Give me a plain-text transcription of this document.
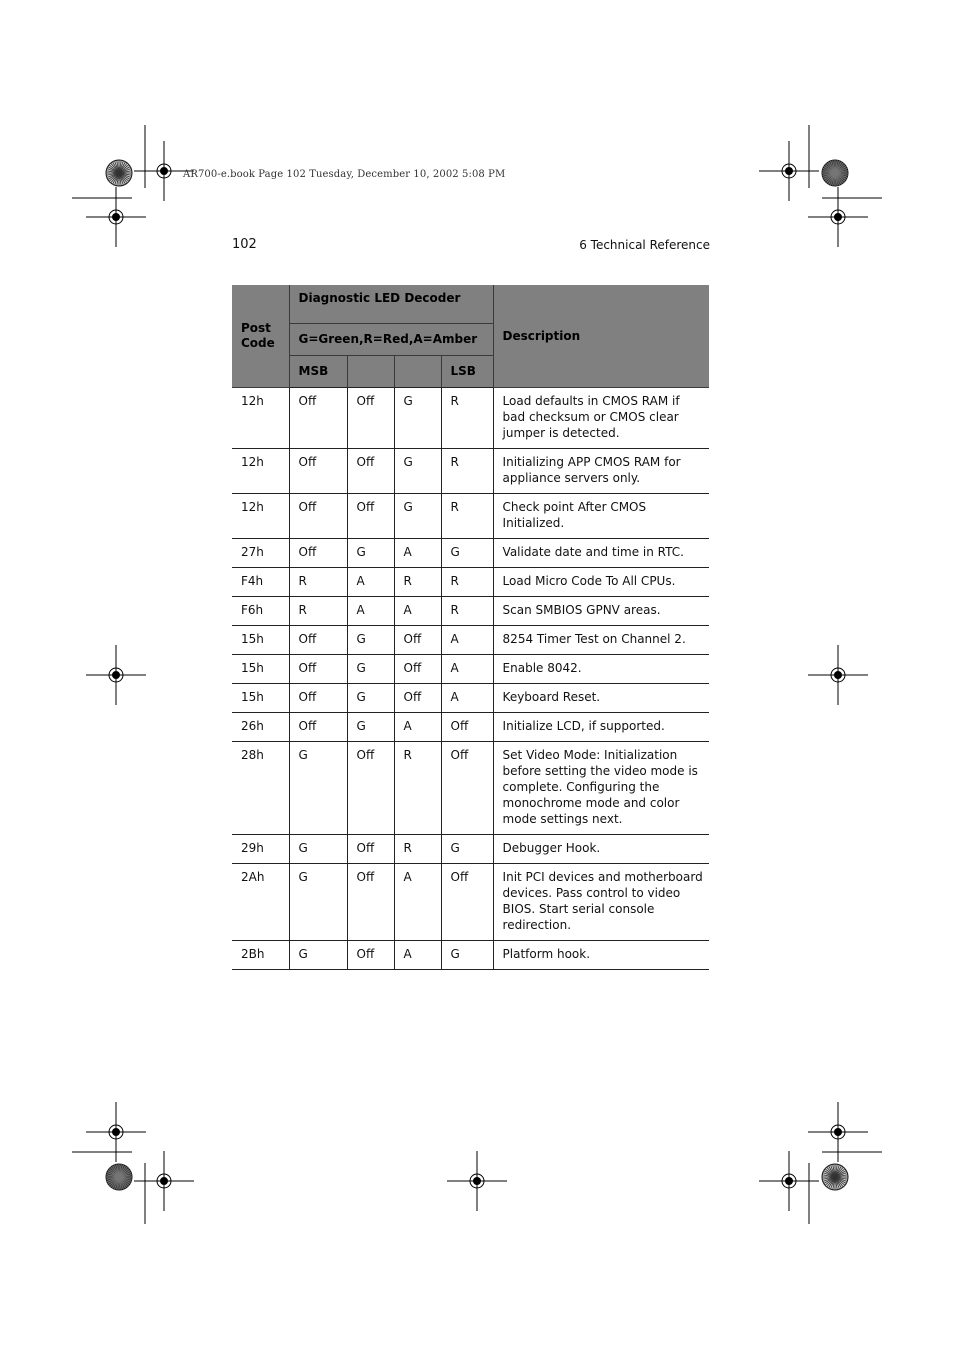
AR700-e.book Page 102 Tuesday, December 10, 2002 5:08 PM
102	6 Technical Reference
Post Code	Diagnostic LED Decoder				Description
	G=Green,R=Red,A=Amber				
	MSB			LSB	
12h	Off	Off	G	R	Load defaults in CMOS RAM if bad checksum or CMOS clear jumper is detected.
12h	Off	Off	G	R	Initializing APP CMOS RAM for appliance servers only.
12h	Off	Off	G	R	Check point After CMOS Initialized.
27h	Off	G	A	G	Validate date and time in RTC.
F4h	R	A	R	R	Load Micro Code To All CPUs.
F6h	R	A	A	R	Scan SMBIOS GPNV areas.
15h	Off	G	Off	A	8254 Timer Test on Channel 2.
15h	Off	G	Off	A	Enable 8042.
15h	Off	G	Off	A	Keyboard Reset.
26h	Off	G	A	Off	Initialize LCD, if supported.
28h	G	Off	R	Off	Set Video Mode: Initialization before setting the video mode is complete. Configuring the monochrome mode and color mode settings next.
29h	G	Off	R	G	Debugger Hook.
2Ah	G	Off	A	Off	Init PCI devices and motherboard devices. Pass control to video BIOS. Start serial console redirection.
2Bh	G	Off	A	G	Platform hook.
